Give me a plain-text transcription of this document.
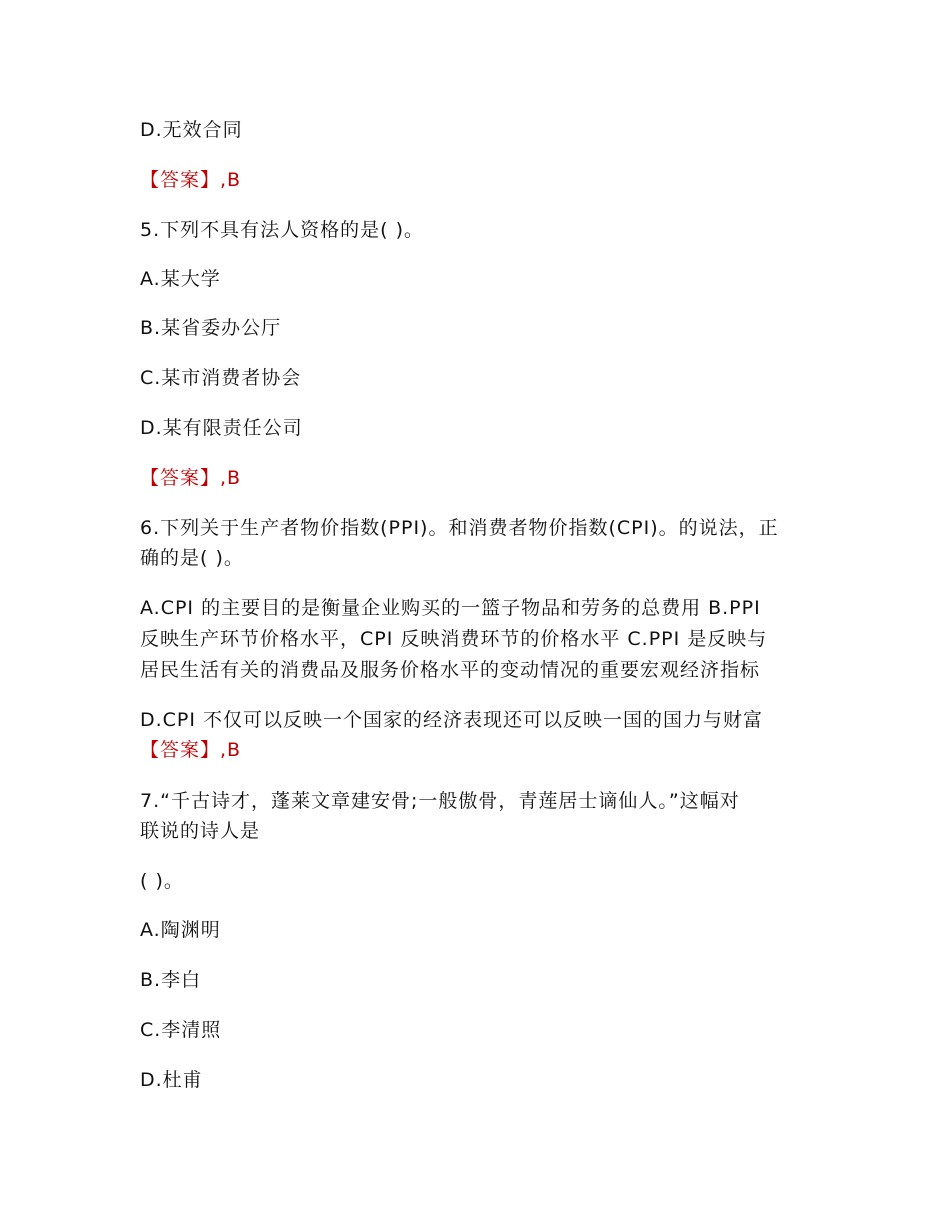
D.无效合同
【答案】,B
5.下列不具有法人资格的是( )。
A.某大学
B.某省委办公厅
C.某市消费者协会
D.某有限责任公司
【答案】,B
6.下列关于生产者物价指数(PPI)。和消费者物价指数(CPI)。的说法，正
确的是( )。
A.CPI 的主要目的是衡量企业购买的一篮子物品和劳务的总费用 B.PPI
反映生产环节价格水平，CPI 反映消费环节的价格水平 C.PPI 是反映与
居民生活有关的消费品及服务价格水平的变动情况的重要宏观经济指标
D.CPI 不仅可以反映一个国家的经济表现还可以反映一国的国力与财富
【答案】,B
7.“千古诗才，蓬莱文章建安骨;一般傲骨，青莲居士谪仙人。”这幅对
联说的诗人是
( )。
A.陶渊明
B.李白
C.李清照
D.杜甫
